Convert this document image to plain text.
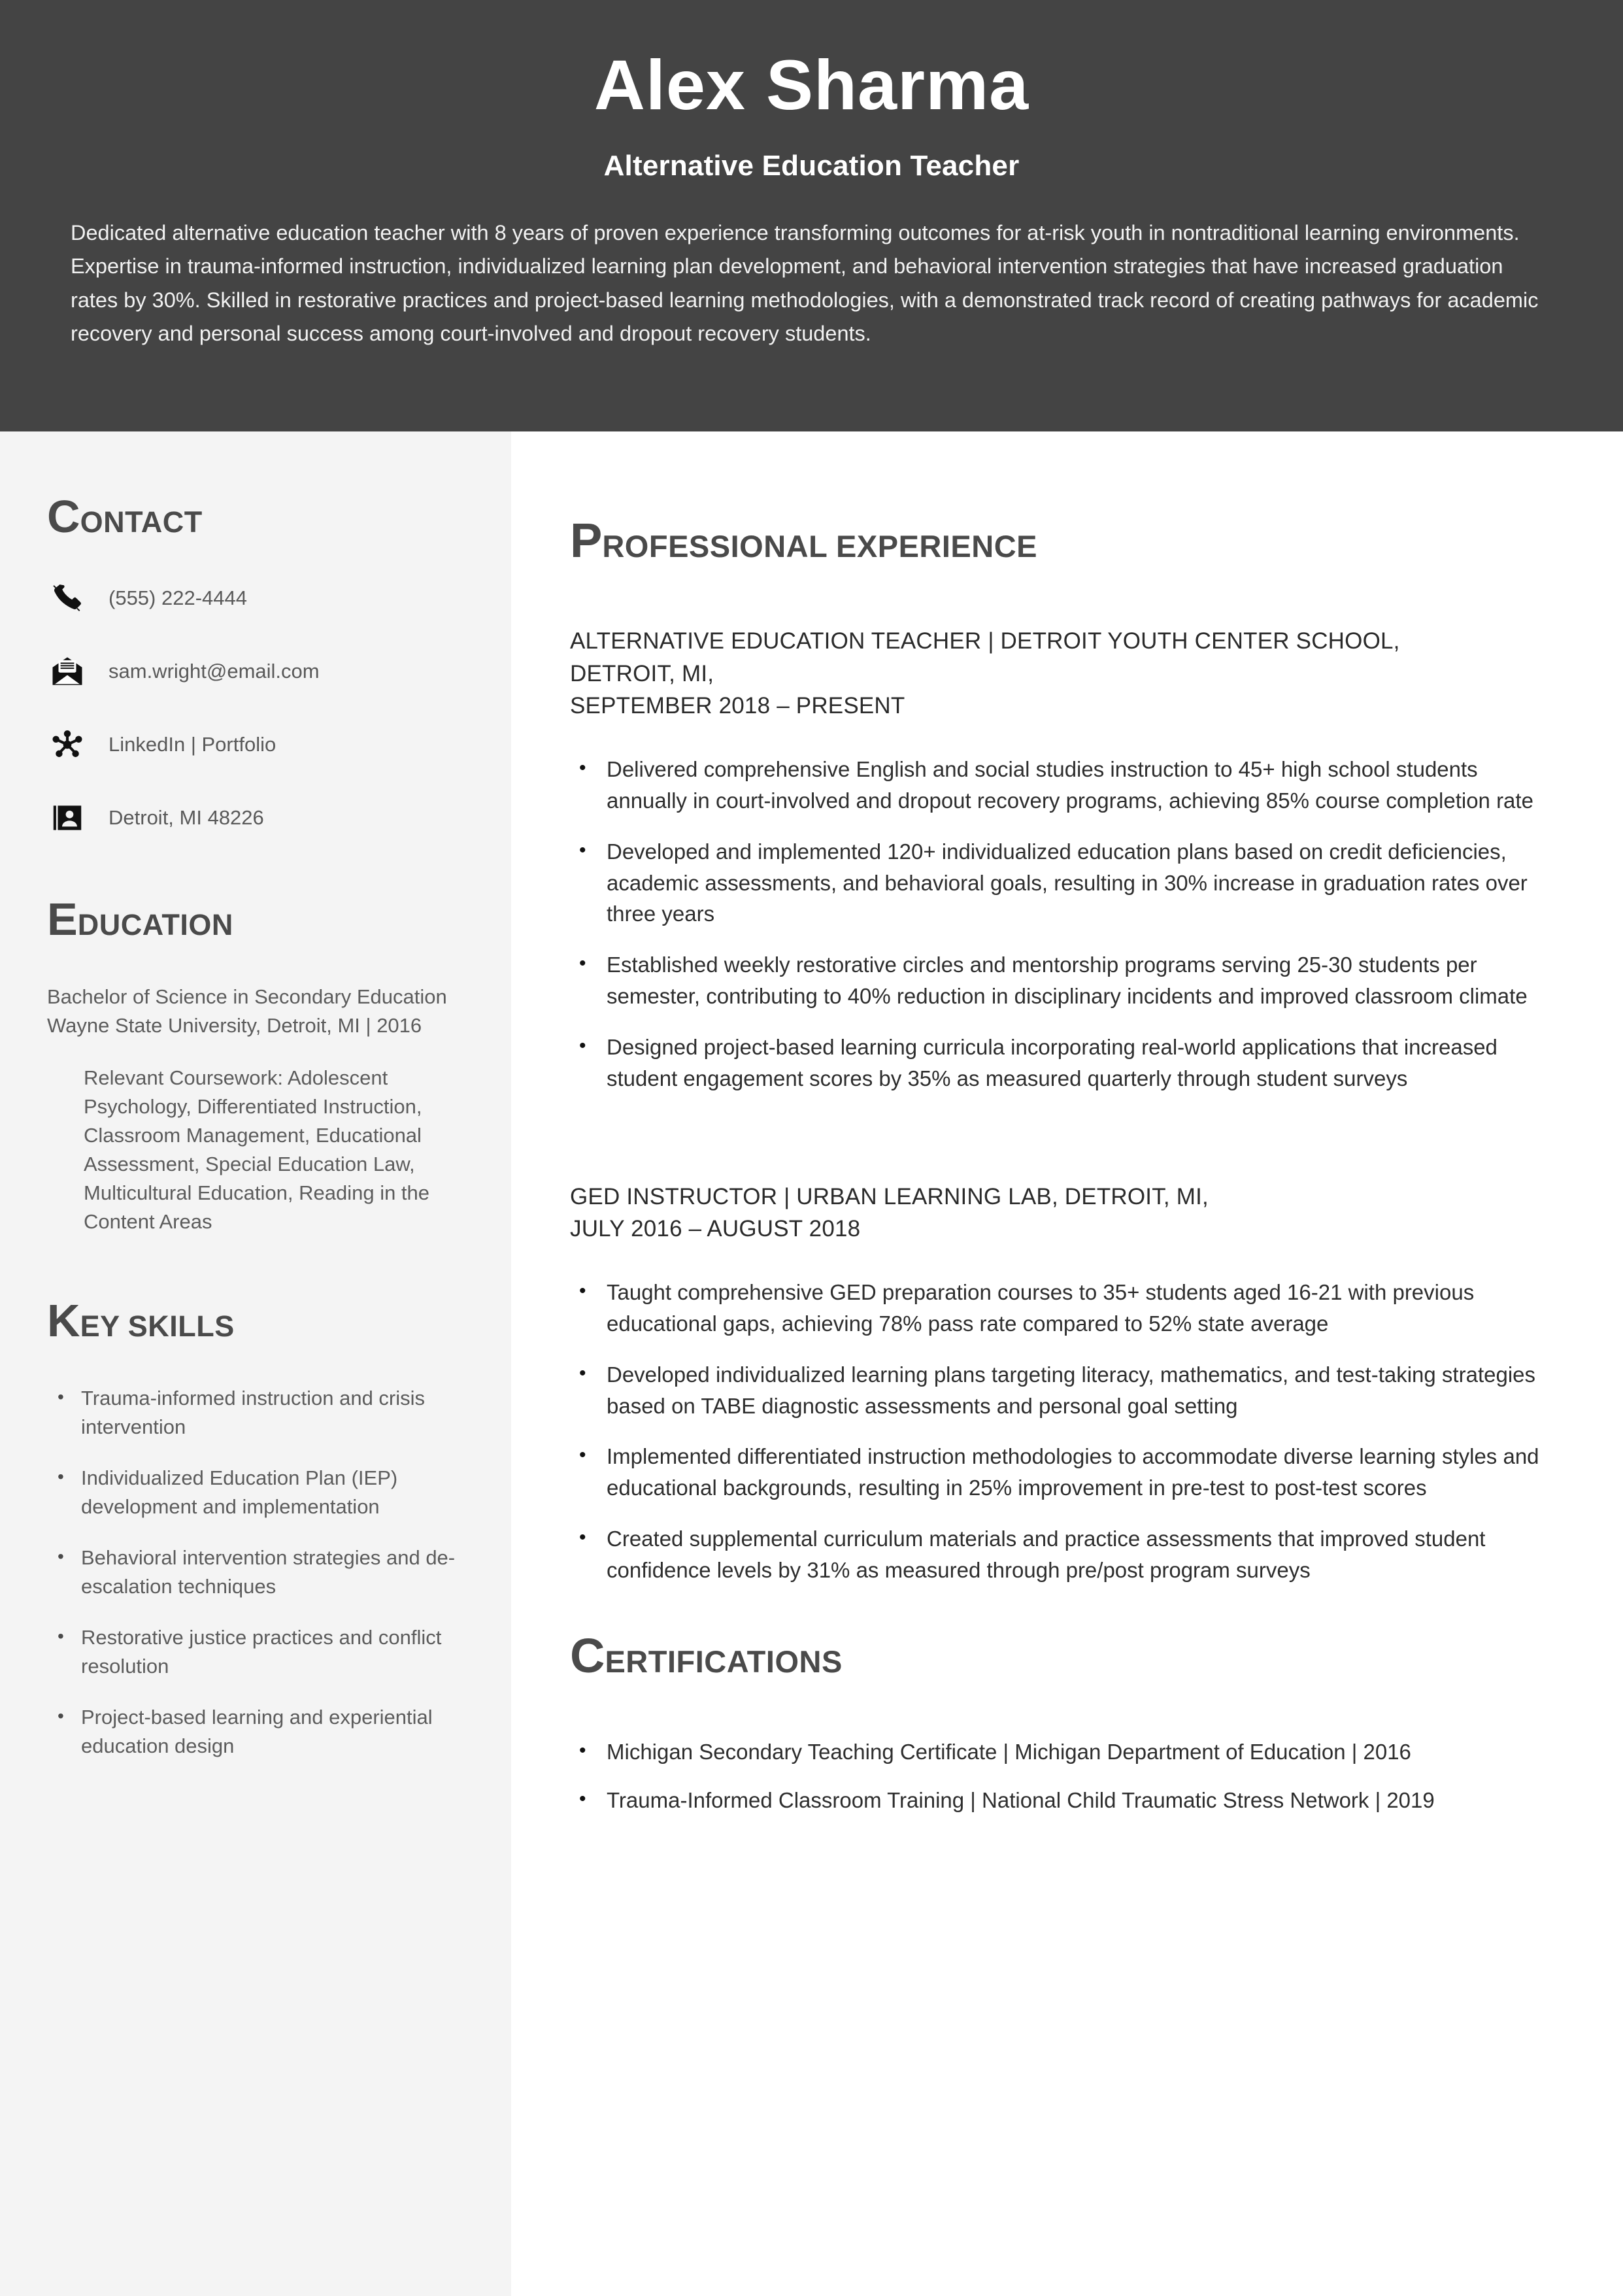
Alex Sharma
Alternative Education Teacher
Dedicated alternative education teacher with 8 years of proven experience transforming outcomes for at-risk youth in nontraditional learning environments. Expertise in trauma-informed instruction, individualized learning plan development, and behavioral intervention strategies that have increased graduation rates by 30%. Skilled in restorative practices and project-based learning methodologies, with a demonstrated track record of creating pathways for academic recovery and personal success among court-involved and dropout recovery students.
CONTACT
(555) 222-4444
sam.wright@email.com
LinkedIn | Portfolio
Detroit, MI 48226
EDUCATION
Bachelor of Science in Secondary Education
Wayne State University, Detroit, MI | 2016
Relevant Coursework: Adolescent Psychology, Differentiated Instruction, Classroom Management, Educational Assessment, Special Education Law, Multicultural Education, Reading in the Content Areas
KEY SKILLS
• Trauma-informed instruction and crisis intervention
• Individualized Education Plan (IEP) development and implementation
• Behavioral intervention strategies and de-escalation techniques
• Restorative justice practices and conflict resolution
• Project-based learning and experiential education design
PROFESSIONAL EXPERIENCE
ALTERNATIVE EDUCATION TEACHER | DETROIT YOUTH CENTER SCHOOL,
DETROIT, MI,
SEPTEMBER 2018 – PRESENT
• Delivered comprehensive English and social studies instruction to 45+ high school students annually in court-involved and dropout recovery programs, achieving 85% course completion rate
• Developed and implemented 120+ individualized education plans based on credit deficiencies, academic assessments, and behavioral goals, resulting in 30% increase in graduation rates over three years
• Established weekly restorative circles and mentorship programs serving 25-30 students per semester, contributing to 40% reduction in disciplinary incidents and improved classroom climate
• Designed project-based learning curricula incorporating real-world applications that increased student engagement scores by 35% as measured quarterly through student surveys
GED INSTRUCTOR | URBAN LEARNING LAB, DETROIT, MI,
JULY 2016 – AUGUST 2018
• Taught comprehensive GED preparation courses to 35+ students aged 16-21 with previous educational gaps, achieving 78% pass rate compared to 52% state average
• Developed individualized learning plans targeting literacy, mathematics, and test-taking strategies based on TABE diagnostic assessments and personal goal setting
• Implemented differentiated instruction methodologies to accommodate diverse learning styles and educational backgrounds, resulting in 25% improvement in pre-test to post-test scores
• Created supplemental curriculum materials and practice assessments that improved student confidence levels by 31% as measured through pre/post program surveys
CERTIFICATIONS
• Michigan Secondary Teaching Certificate | Michigan Department of Education | 2016
• Trauma-Informed Classroom Training | National Child Traumatic Stress Network | 2019
